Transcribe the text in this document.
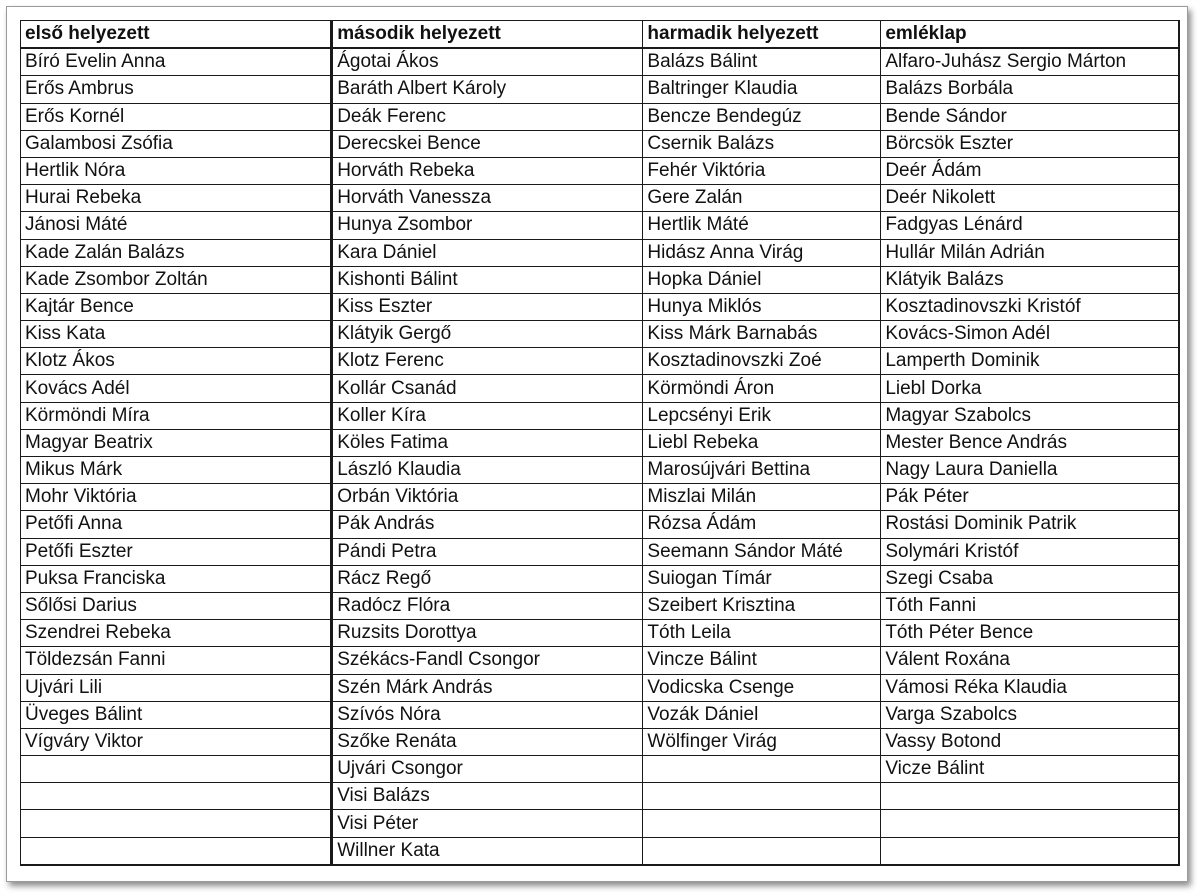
első helyezett	második helyezett	harmadik helyezett	emléklap
Bíró Evelin Anna	Ágotai Ákos	Balázs Bálint	Alfaro-Juhász Sergio Márton
Erős Ambrus	Baráth Albert Károly	Baltringer Klaudia	Balázs Borbála
Erős Kornél	Deák Ferenc	Bencze Bendegúz	Bende Sándor
Galambosi Zsófia	Derecskei Bence	Csernik Balázs	Börcsök Eszter
Hertlik Nóra	Horváth Rebeka	Fehér Viktória	Deér Ádám
Hurai Rebeka	Horváth Vanessza	Gere Zalán	Deér Nikolett
Jánosi Máté	Hunya Zsombor	Hertlik Máté	Fadgyas Lénárd
Kade Zalán Balázs	Kara Dániel	Hidász Anna Virág	Hullár Milán Adrián
Kade Zsombor Zoltán	Kishonti Bálint	Hopka Dániel	Klátyik Balázs
Kajtár Bence	Kiss Eszter	Hunya Miklós	Kosztadinovszki Kristóf
Kiss Kata	Klátyik Gergő	Kiss Márk Barnabás	Kovács-Simon Adél
Klotz Ákos	Klotz Ferenc	Kosztadinovszki Zoé	Lamperth Dominik
Kovács Adél	Kollár Csanád	Körmöndi Áron	Liebl Dorka
Körmöndi Míra	Koller Kíra	Lepcsényi Erik	Magyar Szabolcs
Magyar Beatrix	Köles Fatima	Liebl Rebeka	Mester Bence András
Mikus Márk	László Klaudia	Marosújvári Bettina	Nagy Laura Daniella
Mohr Viktória	Orbán Viktória	Miszlai Milán	Pák Péter
Petőfi Anna	Pák András	Rózsa Ádám	Rostási Dominik Patrik
Petőfi Eszter	Pándi Petra	Seemann Sándor Máté	Solymári Kristóf
Puksa Franciska	Rácz Regő	Suiogan Tímár	Szegi Csaba
Sőlősi Darius	Radócz Flóra	Szeibert Krisztina	Tóth Fanni
Szendrei Rebeka	Ruzsits Dorottya	Tóth Leila	Tóth Péter Bence
Töldezsán Fanni	Székács-Fandl Csongor	Vincze Bálint	Válent Roxána
Ujvári Lili	Szén Márk András	Vodicska Csenge	Vámosi Réka Klaudia
Üveges Bálint	Szívós Nóra	Vozák Dániel	Varga Szabolcs
Vígváry Viktor	Szőke Renáta	Wölfinger Virág	Vassy Botond
	Ujvári Csongor		Vicze Bálint
	Visi Balázs		
	Visi Péter		
	Willner Kata		
